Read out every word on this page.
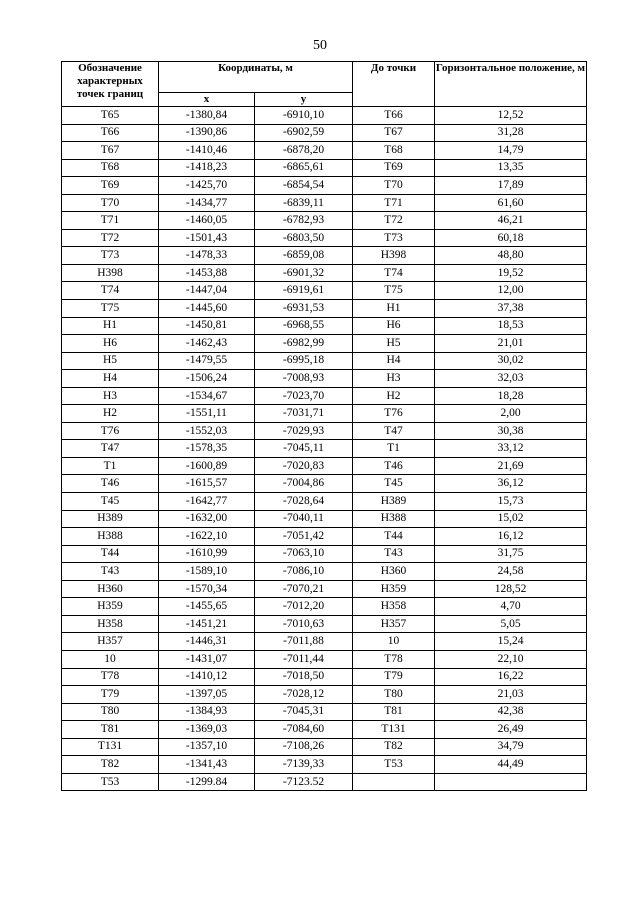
50
Обозначение характерных точек границ	Координаты, м		До точки	Горизонтальное положение, м
	x	y		
Т65	-1380,84	-6910,10	Т66	12,52
Т66	-1390,86	-6902,59	Т67	31,28
Т67	-1410,46	-6878,20	Т68	14,79
Т68	-1418,23	-6865,61	Т69	13,35
Т69	-1425,70	-6854,54	Т70	17,89
Т70	-1434,77	-6839,11	Т71	61,60
Т71	-1460,05	-6782,93	Т72	46,21
Т72	-1501,43	-6803,50	Т73	60,18
Т73	-1478,33	-6859,08	Н398	48,80
Н398	-1453,88	-6901,32	Т74	19,52
Т74	-1447,04	-6919,61	Т75	12,00
Т75	-1445,60	-6931,53	Н1	37,38
Н1	-1450,81	-6968,55	Н6	18,53
Н6	-1462,43	-6982,99	Н5	21,01
Н5	-1479,55	-6995,18	Н4	30,02
Н4	-1506,24	-7008,93	Н3	32,03
Н3	-1534,67	-7023,70	Н2	18,28
Н2	-1551,11	-7031,71	Т76	2,00
Т76	-1552,03	-7029,93	Т47	30,38
Т47	-1578,35	-7045,11	Т1	33,12
Т1	-1600,89	-7020,83	Т46	21,69
Т46	-1615,57	-7004,86	Т45	36,12
Т45	-1642,77	-7028,64	Н389	15,73
Н389	-1632,00	-7040,11	Н388	15,02
Н388	-1622,10	-7051,42	Т44	16,12
Т44	-1610,99	-7063,10	Т43	31,75
Т43	-1589,10	-7086,10	Н360	24,58
Н360	-1570,34	-7070,21	Н359	128,52
Н359	-1455,65	-7012,20	Н358	4,70
Н358	-1451,21	-7010,63	Н357	5,05
Н357	-1446,31	-7011,88	10	15,24
10	-1431,07	-7011,44	Т78	22,10
Т78	-1410,12	-7018,50	Т79	16,22
Т79	-1397,05	-7028,12	Т80	21,03
Т80	-1384,93	-7045,31	Т81	42,38
Т81	-1369,03	-7084,60	Т131	26,49
Т131	-1357,10	-7108,26	Т82	34,79
Т82	-1341,43	-7139,33	Т53	44,49
Т53	-1299.84	-7123.52		
